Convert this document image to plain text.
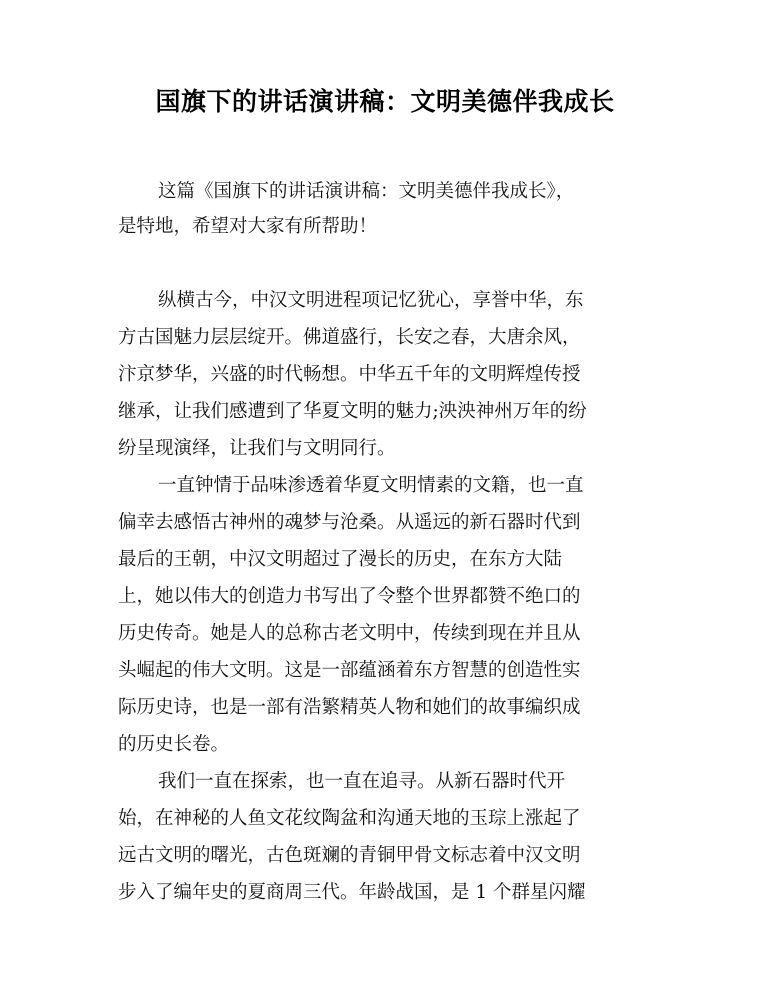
国旗下的讲话演讲稿：文明美德伴我成长
这篇《国旗下的讲话演讲稿：文明美德伴我成长》，
是特地，希望对大家有所帮助！
纵横古今，中汉文明进程项记忆犹心，享誉中华，东
方古国魅力层层绽开。佛道盛行，长安之春，大唐余风，
汴京梦华，兴盛的时代畅想。中华五千年的文明辉煌传授
继承，让我们感遭到了华夏文明的魅力;泱泱神州万年的纷
纷呈现演绎，让我们与文明同行。
一直钟情于品味渗透着华夏文明情素的文籍，也一直
偏幸去感悟古神州的魂梦与沧桑。从遥远的新石器时代到
最后的王朝，中汉文明超过了漫长的历史，在东方大陆
上，她以伟大的创造力书写出了令整个世界都赞不绝口的
历史传奇。她是人的总称古老文明中，传续到现在并且从
头崛起的伟大文明。这是一部蕴涵着东方智慧的创造性实
际历史诗，也是一部有浩繁精英人物和她们的故事编织成
的历史长卷。
我们一直在探索，也一直在追寻。从新石器时代开
始，在神秘的人鱼文花纹陶盆和沟通天地的玉琮上涨起了
远古文明的曙光，古色斑斓的青铜甲骨文标志着中汉文明
步入了编年史的夏商周三代。年龄战国，是 1 个群星闪耀
